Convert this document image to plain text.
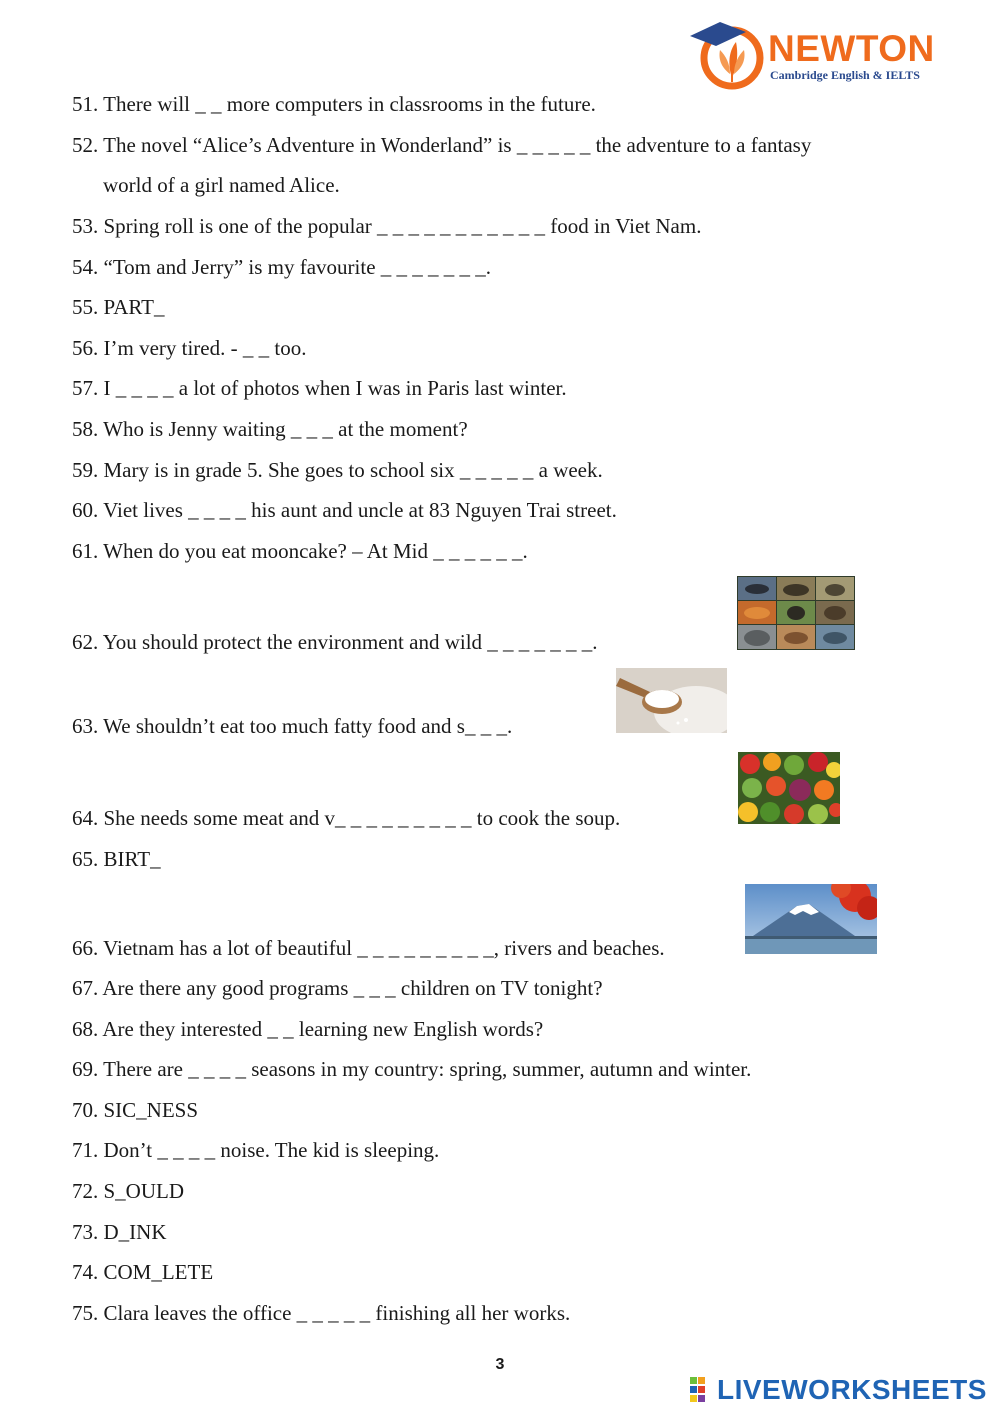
NEWTON
Cambridge English & IELTS

51. There will _ _ more computers in classrooms in the future.

52. The novel “Alice’s Adventure in Wonderland” is _ _ _ _ _ the adventure to a fantasy
world of a girl named Alice.

53. Spring roll is one of the popular _ _ _ _ _ _ _ _ _ _ _ food in Viet Nam.

54. “Tom and Jerry” is my favourite _ _ _ _ _ _ _.

55. PART_

56. I’m very tired. - _ _ too.

57. I _ _ _ _ a lot of photos when I was in Paris last winter.

58. Who is Jenny waiting _ _ _ at the moment?

59. Mary is in grade 5. She goes to school six _ _ _ _ _ a week.

60. Viet lives _ _ _ _ his aunt and uncle at 83 Nguyen Trai street.

61. When do you eat mooncake? – At Mid _ _ _ _ _ _.

62. You should protect the environment and wild _ _ _ _ _ _ _.

63. We shouldn’t eat too much fatty food and s_ _ _.

64. She needs some meat and v_ _ _ _ _ _ _ _ _ to cook the soup.

65. BIRT_

66. Vietnam has a lot of beautiful _ _ _ _ _ _ _ _ _, rivers and beaches.

67. Are there any good programs _ _ _ children on TV tonight?

68. Are they interested _ _ learning new English words?

69. There are _ _ _ _ seasons in my country: spring, summer, autumn and winter.

70. SIC_NESS

71. Don’t _ _ _ _ noise. The kid is sleeping.

72. S_OULD

73. D_INK

74. COM_LETE

75. Clara leaves the office _ _ _ _ _ finishing all her works.

3
LIVEWORKSHEETS
